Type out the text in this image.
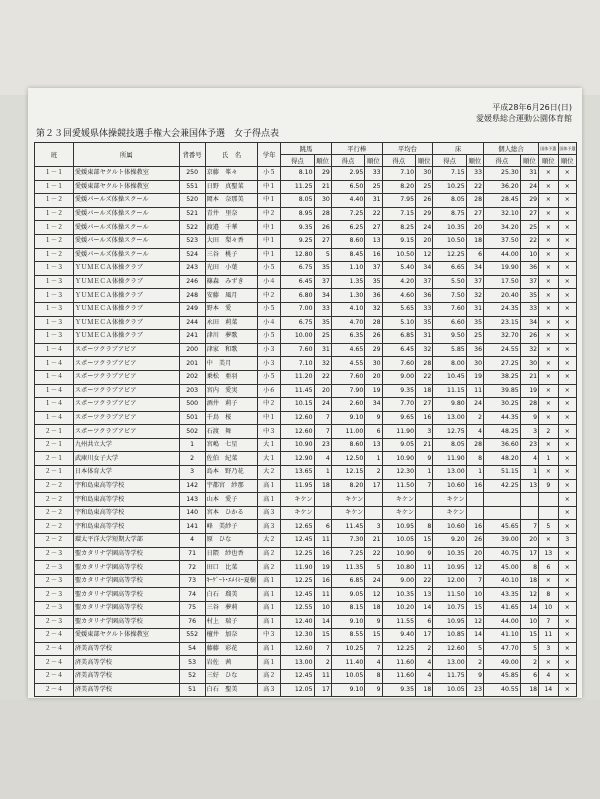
平成28年6月26日(日)
愛媛県総合運動公園体育館
第２３回愛媛県体操競技選手権大会兼国体予選　女子得点表
班	所属	背番号	氏　名	学年	跳馬		平行棒		平均台		床		個人総合		国体予選	国体予選
					得点	順位	得点	順位	得点	順位	得点	順位	得点	順位	順位	順位
１－１	愛媛東部ヤクルト体操教室	250	京藤　峯々	小５	8.10	29	2.95	33	7.10	30	7.15	33	25.30	31	×	×
１－１	愛媛東部ヤクルト体操教室	551	日野　真聖菜	中１	11.25	21	6.50	25	8.20	25	10.25	22	36.20	24	×	×
１－２	愛媛パールズ体操スクール	520	岡本　奈那美	中１	8.05	30	4.40	31	7.95	26	8.05	28	28.45	29	×	×
１－２	愛媛パールズ体操スクール	521	青井　里奈	中２	8.95	28	7.25	22	7.15	29	8.75	27	32.10	27	×	×
１－２	愛媛パールズ体操スクール	522	渡邉　千華	中１	9.35	26	6.25	27	8.25	24	10.35	20	34.20	25	×	×
１－２	愛媛パールズ体操スクール	523	大田　梨々香	中１	9.25	27	8.60	13	9.15	20	10.50	18	37.50	22	×	×
１－２	愛媛パールズ体操スクール	524	三谷　桃子	中１	12.80	5	8.45	16	10.50	12	12.25	6	44.00	10	×	×
１－３	ＹＵＭＥＣＡ体操クラブ	243	光田　小葉	小５	6.75	35	1.10	37	5.40	34	6.65	34	19.90	36	×	×
１－３	ＹＵＭＥＣＡ体操クラブ	246	篠森　みずき	小４	6.45	37	1.35	35	4.20	37	5.50	37	17.50	37	×	×
１－３	ＹＵＭＥＣＡ体操クラブ	248	安藤　風月	中２	6.80	34	1.30	36	4.60	36	7.50	32	20.40	35	×	×
１－３	ＹＵＭＥＣＡ体操クラブ	249	野本　愛	小５	7.00	33	4.10	32	5.65	33	7.60	31	24.35	33	×	×
１－３	ＹＵＭＥＣＡ体操クラブ	244	永田　莉菜	小４	6.75	35	4.70	28	5.10	35	6.60	35	23.15	34	×	×
１－３	ＹＵＭＥＣＡ体操クラブ	241	津川　夢歌	小５	10.00	25	6.35	26	6.85	31	9.50	25	32.70	26	×	×
１－４	スポーツクラブアビア	200	津家　和歌	小３	7.60	31	4.65	29	6.45	32	5.85	36	24.55	32	×	×
１－４	スポーツクラブアビア	201	中　美月	小３	7.10	32	4.55	30	7.60	28	8.00	30	27.25	30	×	×
１－４	スポーツクラブアビア	202	乗松　亜羽	小５	11.20	22	7.60	20	9.00	22	10.45	19	38.25	21	×	×
１－４	スポーツクラブアビア	203	宮内　愛実	小６	11.45	20	7.90	19	9.35	18	11.15	11	39.85	19	×	×
１－４	スポーツクラブアビア	500	酒井　莉子	中２	10.15	24	2.60	34	7.70	27	9.80	24	30.25	28	×	×
１－４	スポーツクラブアビア	501	千鳥　桜	中１	12.60	7	9.10	9	9.65	16	13.00	2	44.35	9	×	×
２－１	スポーツクラブアビア	502	石渡　舞	中３	12.60	7	11.00	6	11.90	3	12.75	4	48.25	3	2	×
２－１	九州共立大学	1	宮嶋　七星	大１	10.90	23	8.60	13	9.05	21	8.05	28	36.60	23	×	×
２－１	武庫川女子大学	2	佐伯　紀菜	大１	12.90	4	12.50	1	10.90	9	11.90	8	48.20	4	1	×
２－１	日本体育大学	3	島本　野乃花	大２	13.65	1	12.15	2	12.30	1	13.00	1	51.15	1	×	×
２－２	宇和島東高等学校	142	宇都宮　紗那	高１	11.95	18	8.20	17	11.50	7	10.60	16	42.25	13	9	×
２－２	宇和島東高等学校	143	山本　愛子	高１	キケン		キケン		キケン		キケン					×
２－２	宇和島東高等学校	140	宮本　ひかる	高３	キケン		キケン		キケン		キケン					×
２－２	宇和島東高等学校	141	峰　美紗子	高３	12.65	6	11.45	3	10.95	8	10.60	16	45.65	7	5	×
２－２	環太平洋大学短期大学部	4	原　ひな	大２	12.45	11	7.30	21	10.05	15	9.20	26	39.00	20	×	3
２－３	聖カタリナ学園高等学校	71	日隈　紗也香	高２	12.25	16	7.25	22	10.90	9	10.35	20	40.75	17	13	×
２－３	聖カタリナ学園高等学校	72	田口　比菜	高２	11.90	19	11.35	5	10.80	11	10.95	12	45.00	8	6	×
２－３	聖カタリナ学園高等学校	73	ｷｰｹﾞｰﾄ･ｴﾒｲﾐｰ夏樹	高１	12.25	16	6.85	24	9.00	22	12.00	7	40.10	18	×	×
２－３	聖カタリナ学園高等学校	74	白石　瑠美	高１	12.45	11	9.05	12	10.35	13	11.50	10	43.35	12	8	×
２－３	聖カタリナ学園高等学校	75	三谷　夢莉	高１	12.55	10	8.15	18	10.20	14	10.75	15	41.65	14	10	×
２－３	聖カタリナ学園高等学校	76	村上　瑞子	高１	12.40	14	9.10	9	11.55	6	10.95	12	44.00	10	7	×
２－４	愛媛東部ヤクルト体操教室	552	檀井　加奈	中３	12.30	15	8.55	15	9.40	17	10.85	14	41.10	15	11	×
２－４	済美高等学校	54	藤藤　彩花	高１	12.60	7	10.25	7	12.25	2	12.60	5	47.70	5	3	×
２－４	済美高等学校	53	岩佐　茜	高１	13.00	2	11.40	4	11.60	4	13.00	2	49.00	2	×	×
２－４	済美高等学校	52	三好　ひな	高２	12.45	11	10.05	8	11.60	4	11.75	9	45.85	6	4	×
２－４	済美高等学校	51	白石　聖美	高３	12.05	17	9.10	9	9.35	18	10.05	23	40.55	18	14	×
